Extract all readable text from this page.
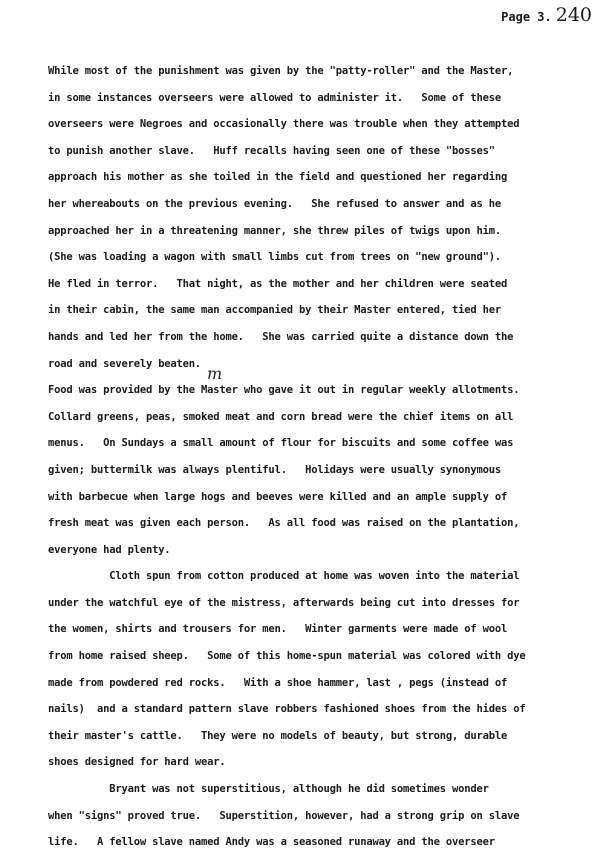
Page 3. 240
m
While most of the punishment was given by the "patty-roller" and the Master,
in some instances overseers were allowed to administer it.   Some of these
overseers were Negroes and occasionally there was trouble when they attempted
to punish another slave.   Huff recalls having seen one of these "bosses"
approach his mother as she toiled in the field and questioned her regarding
her whereabouts on the previous evening.   She refused to answer and as he
approached her in a threatening manner, she threw piles of twigs upon him.
(She was loading a wagon with small limbs cut from trees on "new ground").
He fled in terror.   That night, as the mother and her children were seated
in their cabin, the same man accompanied by their Master entered, tied her
hands and led her from the home.   She was carried quite a distance down the
road and severely beaten.
Food was provided by the Master who gave it out in regular weekly allotments.
Collard greens, peas, smoked meat and corn bread were the chief items on all
menus.   On Sundays a small amount of flour for biscuits and some coffee was
given; buttermilk was always plentiful.   Holidays were usually synonymous
with barbecue when large hogs and beeves were killed and an ample supply of
fresh meat was given each person.   As all food was raised on the plantation,
everyone had plenty.
Cloth spun from cotton produced at home was woven into the material
under the watchful eye of the mistress, afterwards being cut into dresses for
the women, shirts and trousers for men.   Winter garments were made of wool
from home raised sheep.   Some of this home-spun material was colored with dye
made from powdered red rocks.   With a shoe hammer, last , pegs (instead of
nails)  and a standard pattern slave robbers fashioned shoes from the hides of
their master's cattle.   They were no models of beauty, but strong, durable
shoes designed for hard wear.
Bryant was not superstitious, although he did sometimes wonder
when "signs" proved true.   Superstition, however, had a strong grip on slave
life.   A fellow slave named Andy was a seasoned runaway and the overseer
